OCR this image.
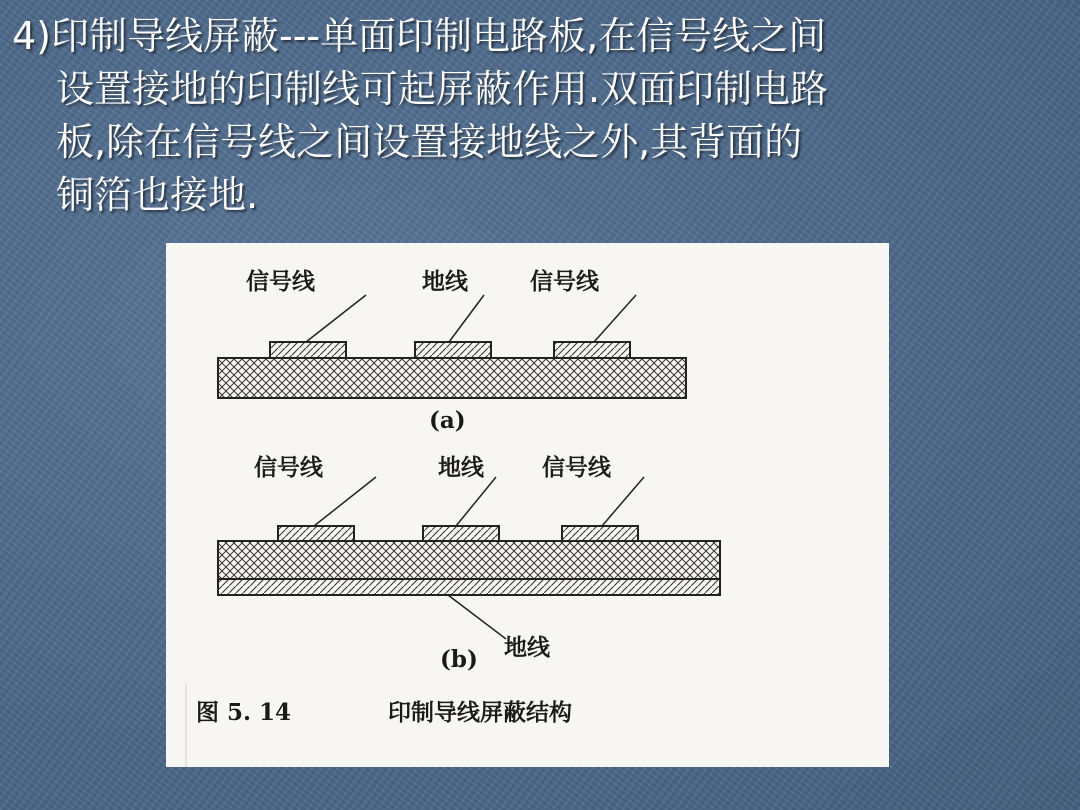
4)印制导线屏蔽---单面印制电路板,在信号线之间
设置接地的印制线可起屏蔽作用.双面印制电路
板,除在信号线之间设置接地线之外,其背面的
铜箔也接地.

信号线	地线	信号线
(a)
信号线	地线	信号线
地线
(b)
图 5. 14	印制导线屏蔽结构
